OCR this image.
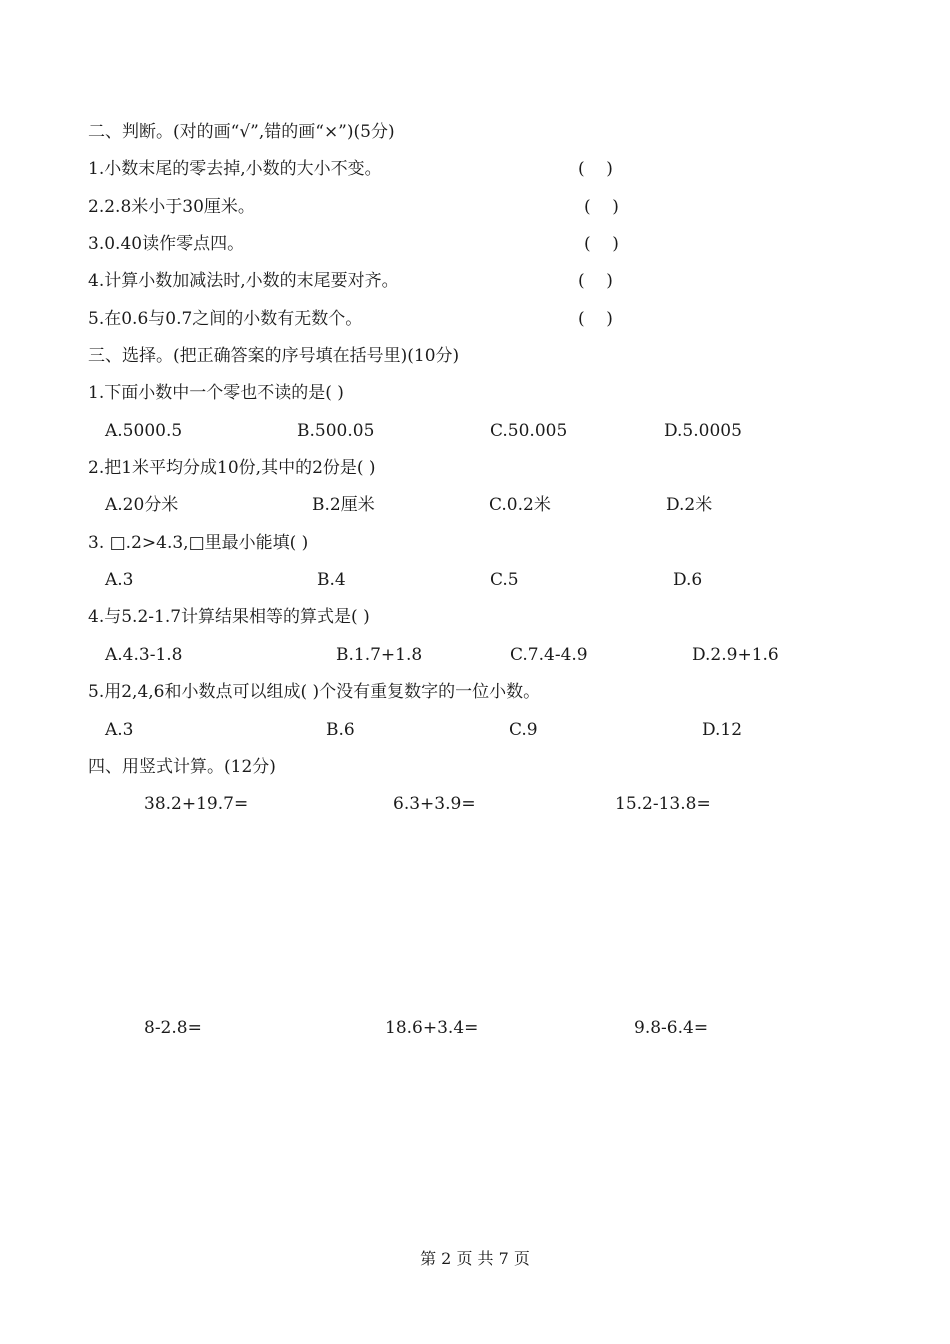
二、判断。(对的画“√”,错的画“×”)(5分)
1.小数末尾的零去掉,小数的大小不变。	(    )
2.2.8米小于30厘米。	(    )
3.0.40读作零点四。	(    )
4.计算小数加减法时,小数的末尾要对齐。	(    )
5.在0.6与0.7之间的小数有无数个。	(    )
三、选择。(把正确答案的序号填在括号里)(10分)
1.下面小数中一个零也不读的是( )
A.5000.5	B.500.05	C.50.005	D.5.0005
2.把1米平均分成10份,其中的2份是( )
A.20分米	B.2厘米	C.0.2米	D.2米
3. □.2>4.3,□里最小能填( )
A.3	B.4	C.5	D.6
4.与5.2-1.7计算结果相等的算式是( )
A.4.3-1.8	B.1.7+1.8	C.7.4-4.9	D.2.9+1.6
5.用2,4,6和小数点可以组成( )个没有重复数字的一位小数。
A.3	B.6	C.9	D.12
四、用竖式计算。(12分)
38.2+19.7=	6.3+3.9=	15.2-13.8=
8-2.8=	18.6+3.4=	9.8-6.4=
第 2 页 共 7 页
